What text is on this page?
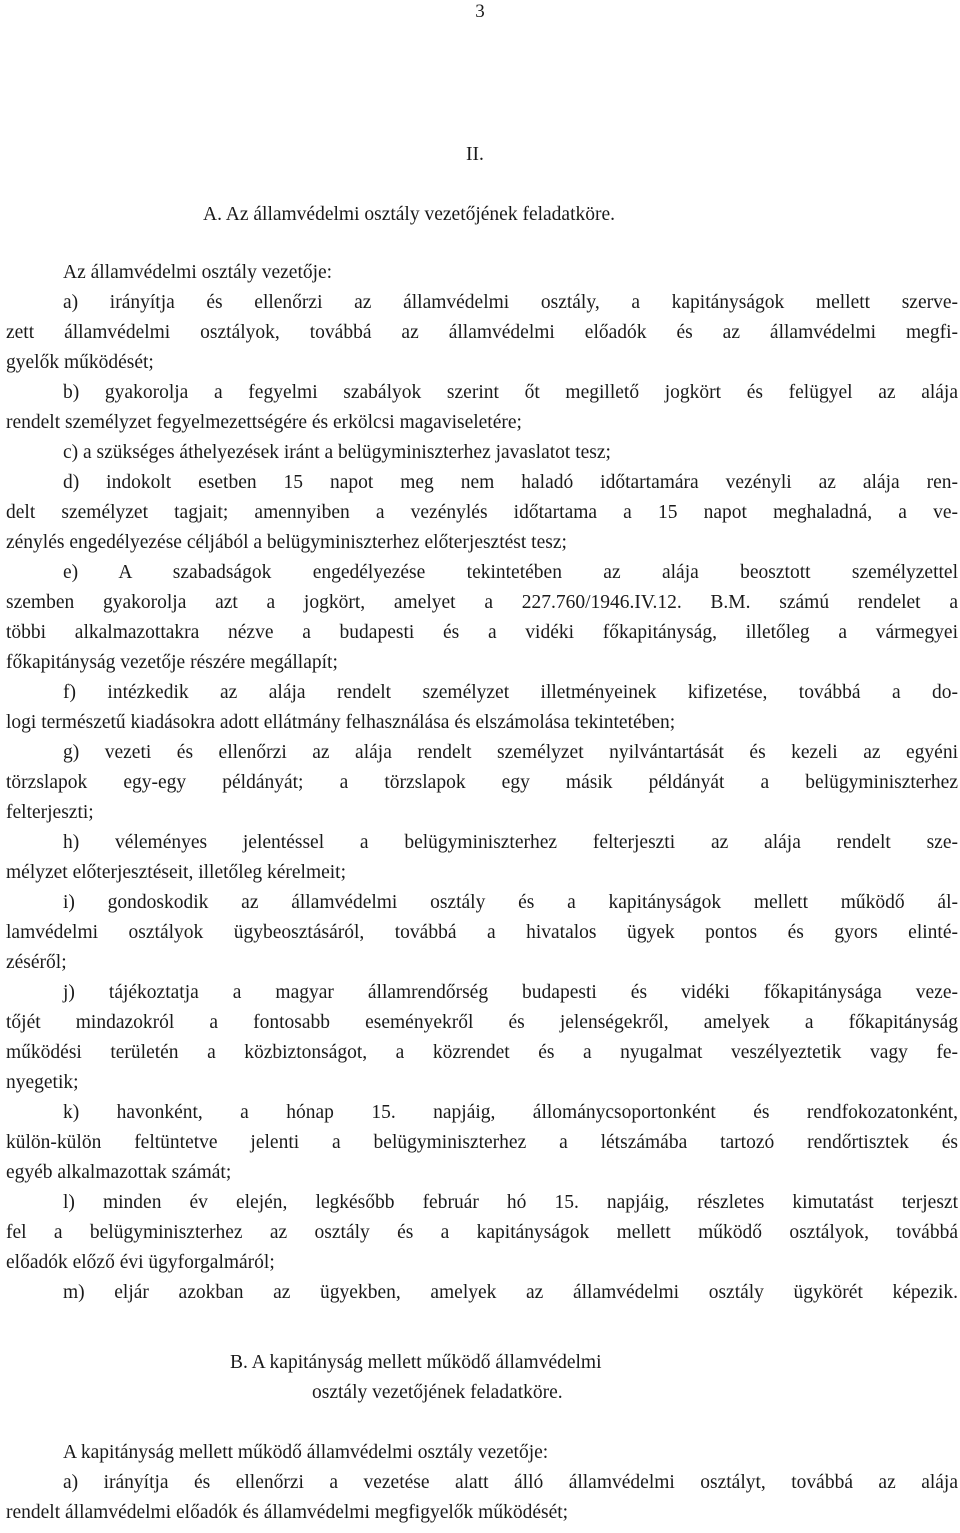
3
II.
A. Az államvédelmi osztály vezetőjének feladatköre.
Az államvédelmi osztály vezetője:
a) irányítja és ellenőrzi az államvédelmi osztály, a kapitányságok mellett szerve-
zett államvédelmi osztályok, továbbá az államvédelmi előadók és az államvédelmi megfi-
gyelők működését;
b) gyakorolja a fegyelmi szabályok szerint őt megillető jogkört és felügyel az alája
rendelt személyzet fegyelmezettségére és erkölcsi magaviseletére;
c) a szükséges áthelyezések iránt a belügyminiszterhez javaslatot tesz;
d) indokolt esetben 15 napot meg nem haladó időtartamára vezényli az alája ren-
delt személyzet tagjait; amennyiben a vezénylés időtartama a 15 napot meghaladná, a ve-
zénylés engedélyezése céljából a belügyminiszterhez előterjesztést tesz;
e) A szabadságok engedélyezése tekintetében az alája beosztott személyzettel
szemben gyakorolja azt a jogkört, amelyet a 227.760/1946.IV.12. B.M. számú rendelet a
többi alkalmazottakra nézve a budapesti és a vidéki főkapitányság, illetőleg a vármegyei
főkapitányság vezetője részére megállapít;
f) intézkedik az alája rendelt személyzet illetményeinek kifizetése, továbbá a do-
logi természetű kiadásokra adott ellátmány felhasználása és elszámolása tekintetében;
g) vezeti és ellenőrzi az alája rendelt személyzet nyilvántartását és kezeli az egyéni
törzslapok egy-egy példányát; a törzslapok egy másik példányát a belügyminiszterhez
felterjeszti;
h) véleményes jelentéssel a belügyminiszterhez felterjeszti az alája rendelt sze-
mélyzet előterjesztéseit, illetőleg kérelmeit;
i) gondoskodik az államvédelmi osztály és a kapitányságok mellett működő ál-
lamvédelmi osztályok ügybeosztásáról, továbbá a hivatalos ügyek pontos és gyors elinté-
zéséről;
j) tájékoztatja a magyar államrendőrség budapesti és vidéki főkapitánysága veze-
tőjét mindazokról a fontosabb eseményekről és jelenségekről, amelyek a főkapitányság
működési területén a közbiztonságot, a közrendet és a nyugalmat veszélyeztetik vagy fe-
nyegetik;
k) havonként, a hónap 15. napjáig, állománycsoportonként és rendfokozatonként,
külön-külön feltüntetve jelenti a belügyminiszterhez a létszámába tartozó rendőrtisztek és
egyéb alkalmazottak számát;
l) minden év elején, legkésőbb február hó 15. napjáig, részletes kimutatást terjeszt
fel a belügyminiszterhez az osztály és a kapitányságok mellett működő osztályok, továbbá
előadók előző évi ügyforgalmáról;
m) eljár azokban az ügyekben, amelyek az államvédelmi osztály ügykörét képezik.
B. A kapitányság mellett működő államvédelmi
osztály vezetőjének feladatköre.
A kapitányság mellett működő államvédelmi osztály vezetője:
a) irányítja és ellenőrzi a vezetése alatt álló államvédelmi osztályt, továbbá az alája
rendelt államvédelmi előadók és államvédelmi megfigyelők működését;
